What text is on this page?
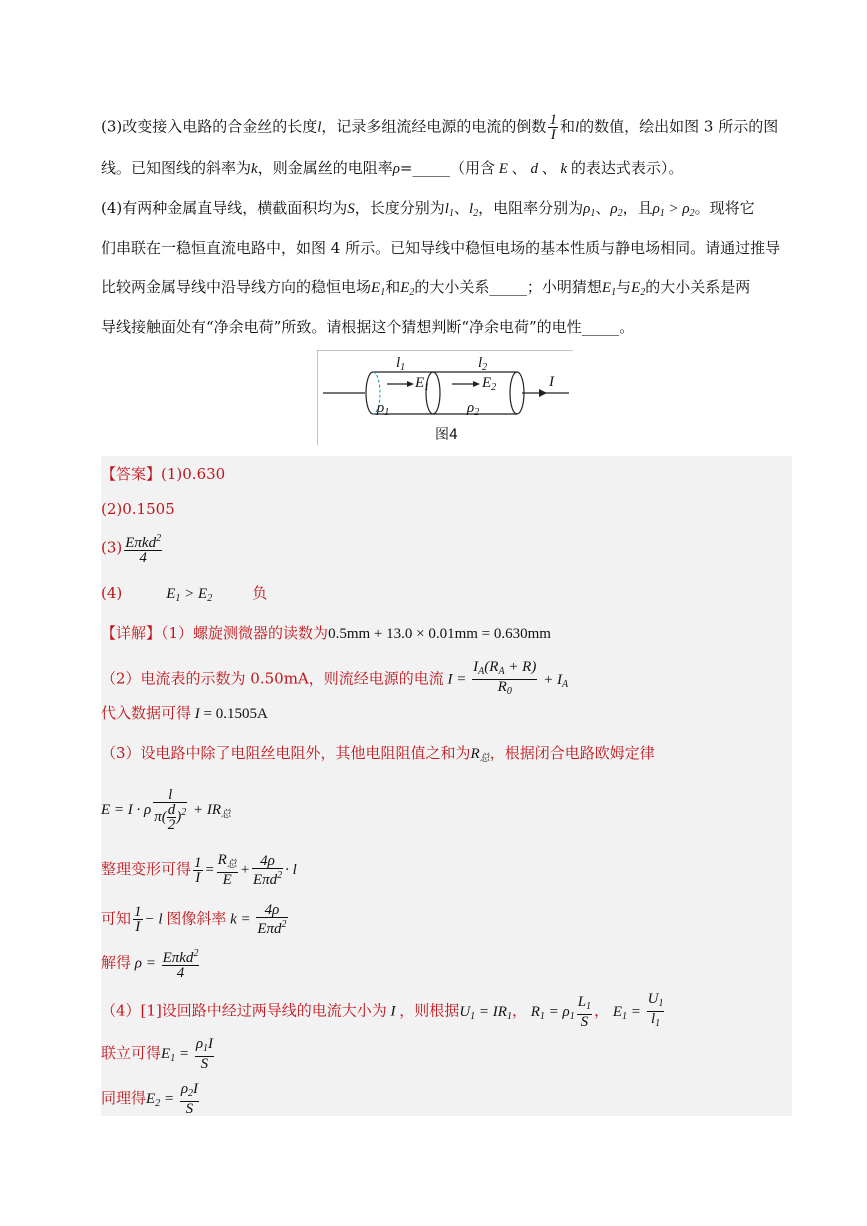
(3)改变接入电路的合金丝的长度l，记录多组流经电源的电流的倒数 $\frac{1}{I}$ 和l的数值，绘出如图 3 所示的图
线。已知图线的斜率为k，则金属丝的电阻率ρ=_____（用含 E 、 d 、 k 的表达式表示）。
(4)有两种金属直导线，横截面积均为S，长度分别为$l_1$、$l_2$，电阻率分别为$\rho_1$、$\rho_2$，且$\rho_1 > \rho_2$。现将它
们串联在一稳恒直流电路中，如图 4 所示。已知导线中稳恒电场的基本性质与静电场相同。请通过推导
比较两金属导线中沿导线方向的稳恒电场$E_1$和$E_2$的大小关系_____；小明猜想$E_1$与$E_2$的大小关系是两
导线接触面处有“净余电荷”所致。请根据这个猜想判断“净余电荷”的电性_____。
$l_1$	$l_2$
$E_1$	$E_2$
$\rho_1$	$\rho_2$
I
图4
【答案】(1)0.630
(2)0.1505
$(3) \frac{E\pi kd^2}{4}$
(4)	$E_1 > E_2$	负
【详解】（1）螺旋测微器的读数为0.5mm + 13.0 × 0.01mm = 0.630mm
（2）电流表的示数为 0.50mA，则流经电源的电流 $I = \frac{I_A(R_A + R)}{R_0} + I_A$
代入数据可得 I = 0.1505A
（3）设电路中除了电阻丝电阻外，其他电阻阻值之和为$R_总$，根据闭合电路欧姆定律
E = I · ρ $\frac{l}{\pi( \frac{d}{2} )^2} + IR_总$
整理变形可得 $\frac{1}{I} = \frac{R_总}{E} + \frac{4\rho}{E\pi d^2} \cdot l$
可知 $\frac{1}{I} - l$ 图像斜率 $k = \frac{4\rho}{E\pi d^2}$
解得 $\rho = \frac{E\pi kd^2}{4}$
（4）[1]设回路中经过两导线的电流大小为 I ，则根据$U_1 = IR_1$， $R_1 = \rho_1 \frac{L_1}{S}$ ， $E_1 = \frac{U_1}{l_1}$
联立可得$E_1 = \frac{\rho_1I}{S}$
同理得$E_2 = \frac{\rho_2I}{S}$
